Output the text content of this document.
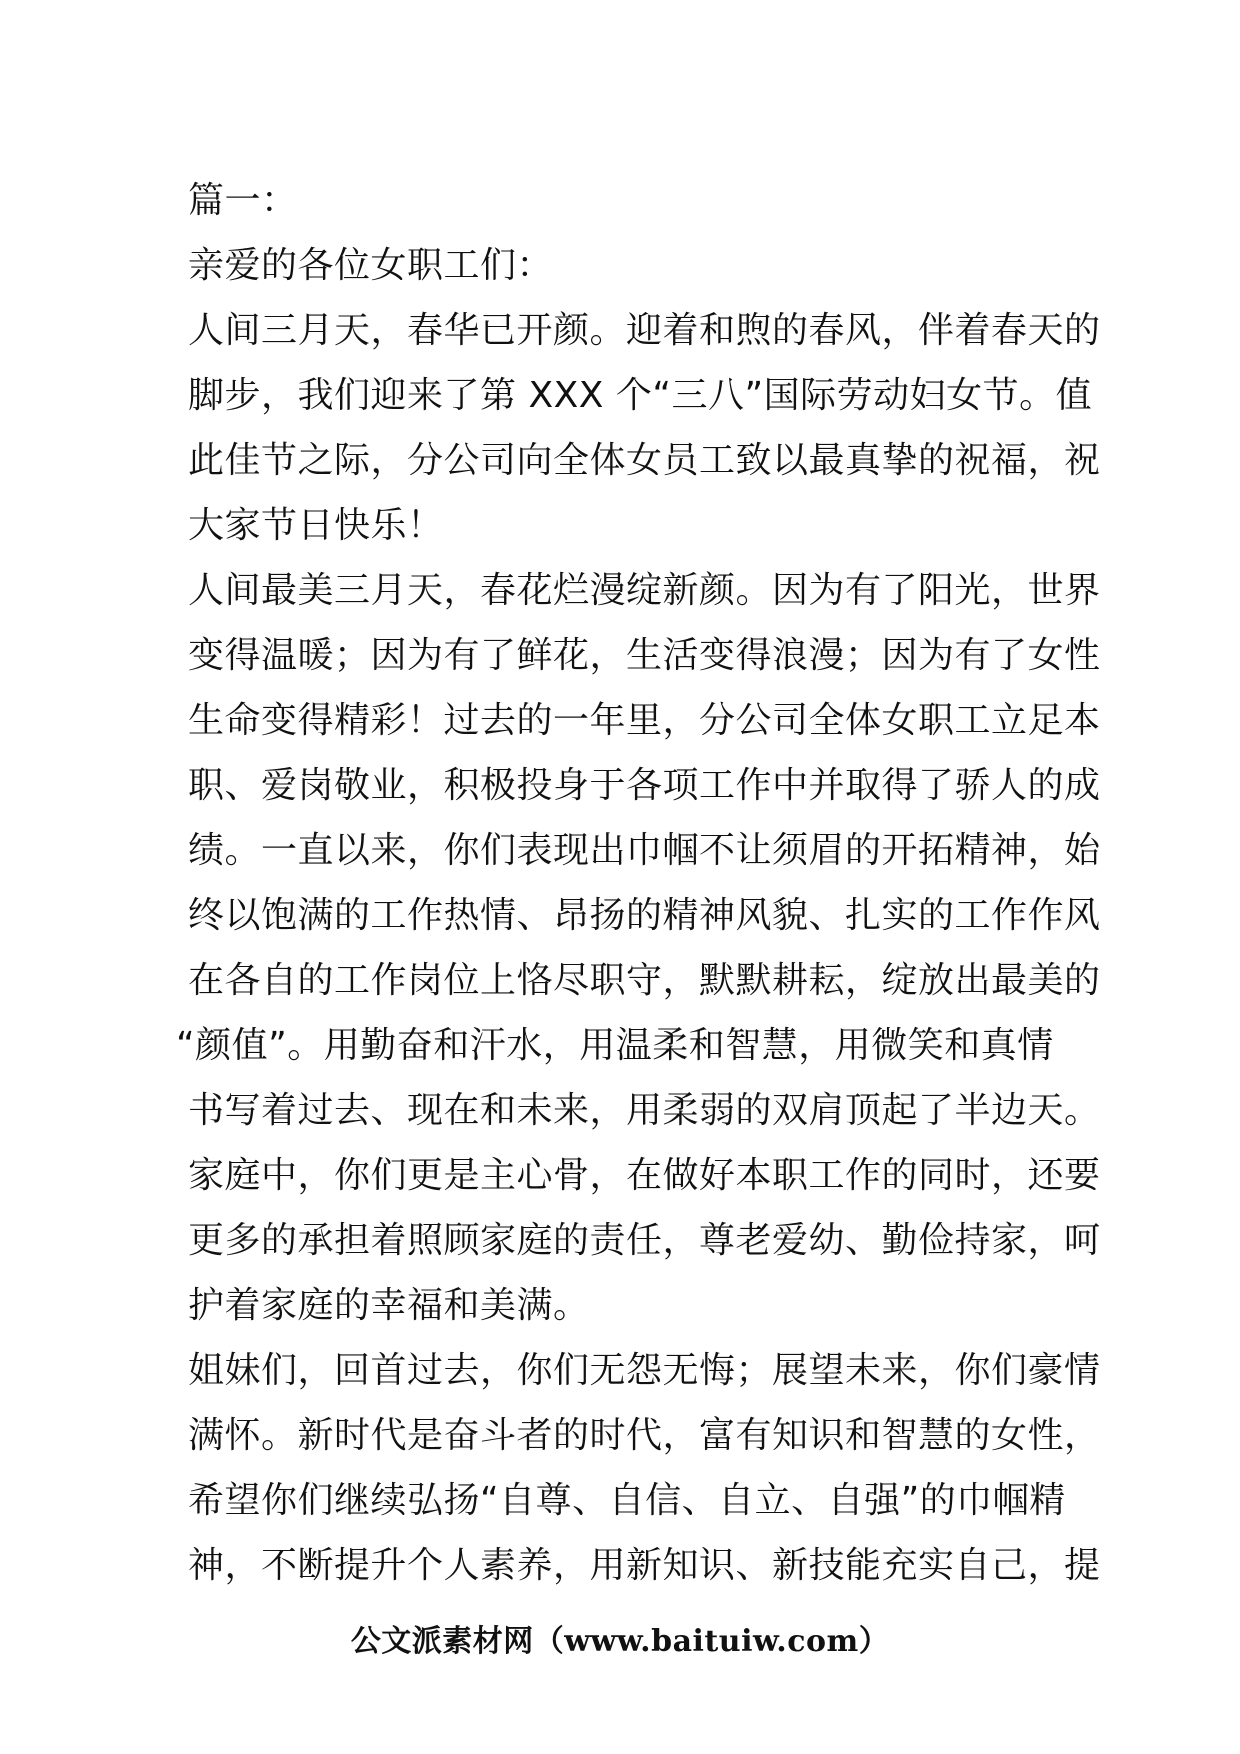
篇一：
亲爱的各位女职工们：
人间三月天，春华已开颜。迎着和煦的春风，伴着春天的
脚步，我们迎来了第 XXX 个“三八”国际劳动妇女节。值
此佳节之际，分公司向全体女员工致以最真挚的祝福，祝
大家节日快乐！
人间最美三月天，春花烂漫绽新颜。因为有了阳光，世界
变得温暖；因为有了鲜花，生活变得浪漫；因为有了女性
生命变得精彩！过去的一年里，分公司全体女职工立足本
职、爱岗敬业，积极投身于各项工作中并取得了骄人的成
绩。一直以来，你们表现出巾帼不让须眉的开拓精神，始
终以饱满的工作热情、昂扬的精神风貌、扎实的工作作风
在各自的工作岗位上恪尽职守，默默耕耘，绽放出最美的
“颜值”。用勤奋和汗水，用温柔和智慧，用微笑和真情
书写着过去、现在和未来，用柔弱的双肩顶起了半边天。
家庭中，你们更是主心骨，在做好本职工作的同时，还要
更多的承担着照顾家庭的责任，尊老爱幼、勤俭持家，呵
护着家庭的幸福和美满。
姐妹们，回首过去，你们无怨无悔；展望未来，你们豪情
满怀。新时代是奋斗者的时代，富有知识和智慧的女性，
希望你们继续弘扬“自尊、自信、自立、自强”的巾帼精
神，不断提升个人素养，用新知识、新技能充实自己，提
公文派素材网（www.baituiw.com）
